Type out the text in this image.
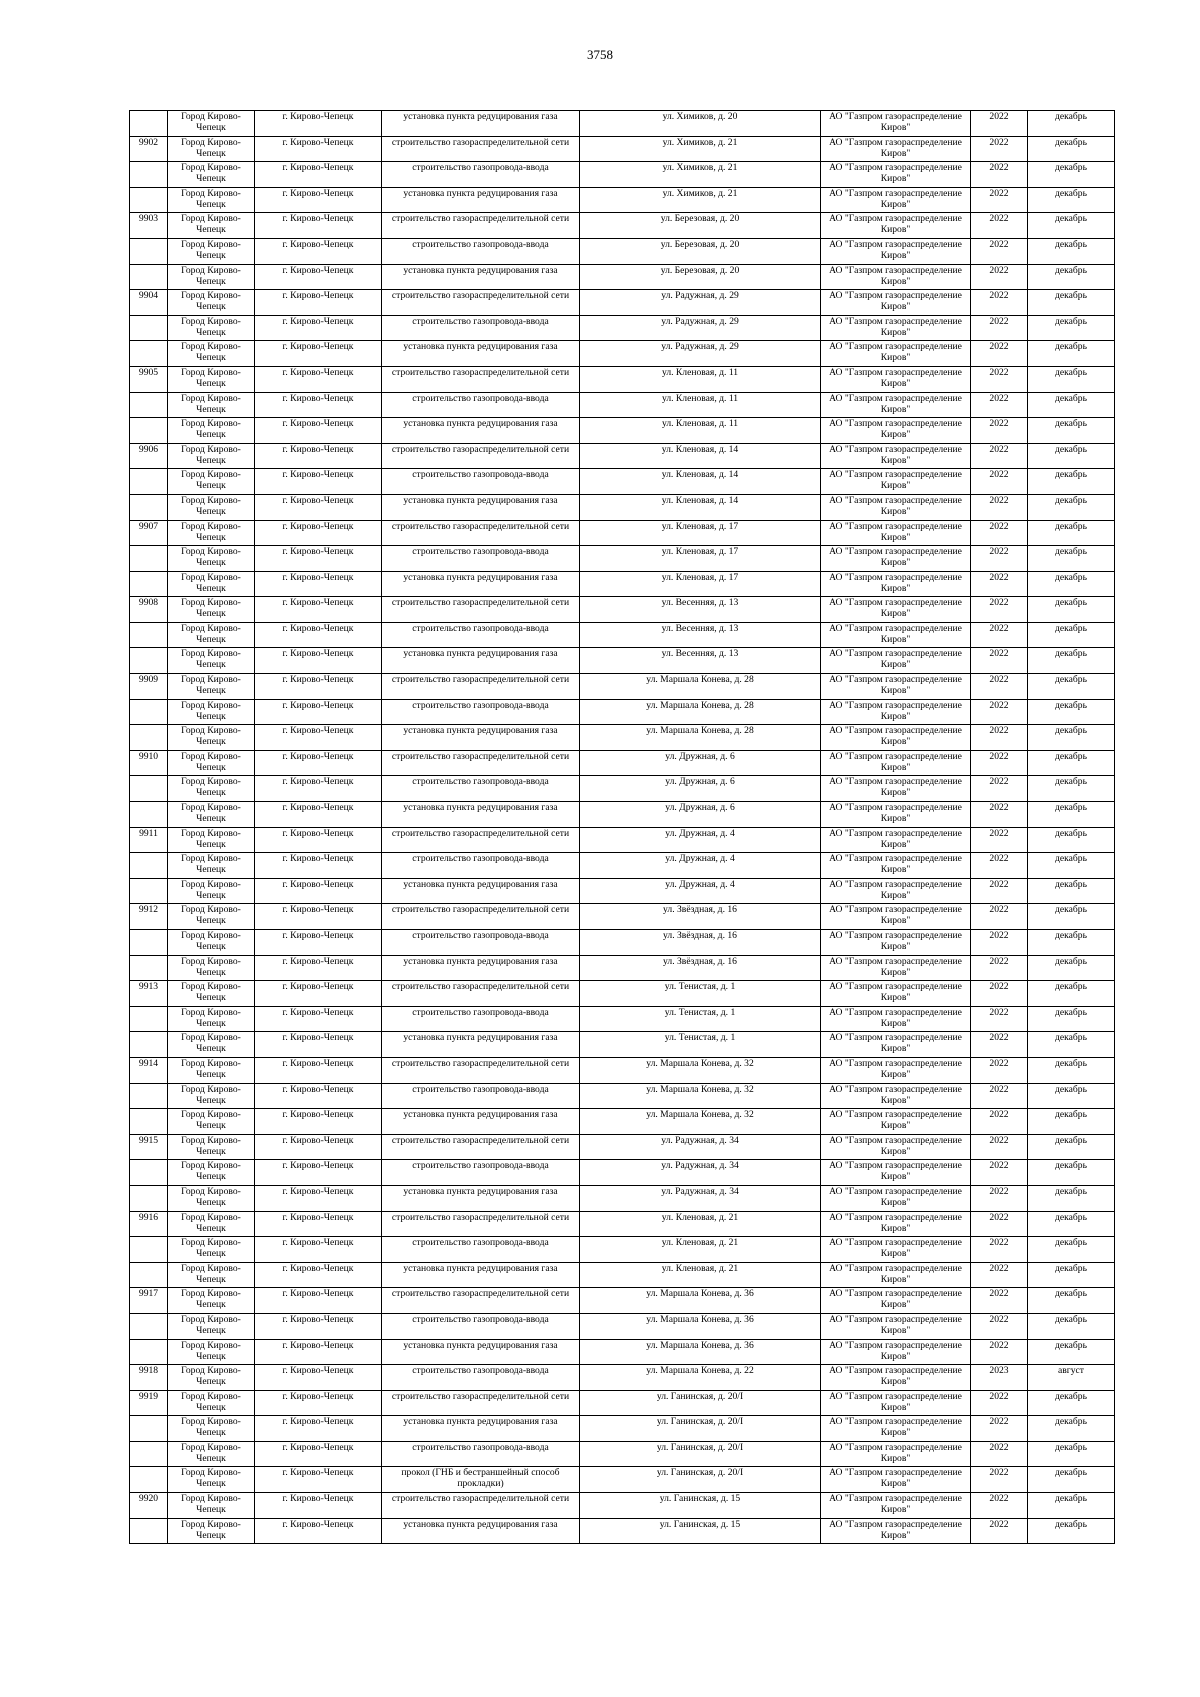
3758
	Город Кирово-Чепецк	г. Кирово-Чепецк	установка пункта редуцирования газа	ул. Химиков, д. 20	АО "Газпром газораспределение Киров"	2022	декабрь
9902	Город Кирово-Чепецк	г. Кирово-Чепецк	строительство газораспределительной сети	ул. Химиков, д. 21	АО "Газпром газораспределение Киров"	2022	декабрь
	Город Кирово-Чепецк	г. Кирово-Чепецк	строительство газопровода-ввода	ул. Химиков, д. 21	АО "Газпром газораспределение Киров"	2022	декабрь
	Город Кирово-Чепецк	г. Кирово-Чепецк	установка пункта редуцирования газа	ул. Химиков, д. 21	АО "Газпром газораспределение Киров"	2022	декабрь
9903	Город Кирово-Чепецк	г. Кирово-Чепецк	строительство газораспределительной сети	ул. Березовая, д. 20	АО "Газпром газораспределение Киров"	2022	декабрь
	Город Кирово-Чепецк	г. Кирово-Чепецк	строительство газопровода-ввода	ул. Березовая, д. 20	АО "Газпром газораспределение Киров"	2022	декабрь
	Город Кирово-Чепецк	г. Кирово-Чепецк	установка пункта редуцирования газа	ул. Березовая, д. 20	АО "Газпром газораспределение Киров"	2022	декабрь
9904	Город Кирово-Чепецк	г. Кирово-Чепецк	строительство газораспределительной сети	ул. Радужная, д. 29	АО "Газпром газораспределение Киров"	2022	декабрь
	Город Кирово-Чепецк	г. Кирово-Чепецк	строительство газопровода-ввода	ул. Радужная, д. 29	АО "Газпром газораспределение Киров"	2022	декабрь
	Город Кирово-Чепецк	г. Кирово-Чепецк	установка пункта редуцирования газа	ул. Радужная, д. 29	АО "Газпром газораспределение Киров"	2022	декабрь
9905	Город Кирово-Чепецк	г. Кирово-Чепецк	строительство газораспределительной сети	ул. Кленовая, д. 11	АО "Газпром газораспределение Киров"	2022	декабрь
	Город Кирово-Чепецк	г. Кирово-Чепецк	строительство газопровода-ввода	ул. Кленовая, д. 11	АО "Газпром газораспределение Киров"	2022	декабрь
	Город Кирово-Чепецк	г. Кирово-Чепецк	установка пункта редуцирования газа	ул. Кленовая, д. 11	АО "Газпром газораспределение Киров"	2022	декабрь
9906	Город Кирово-Чепецк	г. Кирово-Чепецк	строительство газораспределительной сети	ул. Кленовая, д. 14	АО "Газпром газораспределение Киров"	2022	декабрь
	Город Кирово-Чепецк	г. Кирово-Чепецк	строительство газопровода-ввода	ул. Кленовая, д. 14	АО "Газпром газораспределение Киров"	2022	декабрь
	Город Кирово-Чепецк	г. Кирово-Чепецк	установка пункта редуцирования газа	ул. Кленовая, д. 14	АО "Газпром газораспределение Киров"	2022	декабрь
9907	Город Кирово-Чепецк	г. Кирово-Чепецк	строительство газораспределительной сети	ул. Кленовая, д. 17	АО "Газпром газораспределение Киров"	2022	декабрь
	Город Кирово-Чепецк	г. Кирово-Чепецк	строительство газопровода-ввода	ул. Кленовая, д. 17	АО "Газпром газораспределение Киров"	2022	декабрь
	Город Кирово-Чепецк	г. Кирово-Чепецк	установка пункта редуцирования газа	ул. Кленовая, д. 17	АО "Газпром газораспределение Киров"	2022	декабрь
9908	Город Кирово-Чепецк	г. Кирово-Чепецк	строительство газораспределительной сети	ул. Весенняя, д. 13	АО "Газпром газораспределение Киров"	2022	декабрь
	Город Кирово-Чепецк	г. Кирово-Чепецк	строительство газопровода-ввода	ул. Весенняя, д. 13	АО "Газпром газораспределение Киров"	2022	декабрь
	Город Кирово-Чепецк	г. Кирово-Чепецк	установка пункта редуцирования газа	ул. Весенняя, д. 13	АО "Газпром газораспределение Киров"	2022	декабрь
9909	Город Кирово-Чепецк	г. Кирово-Чепецк	строительство газораспределительной сети	ул. Маршала Конева, д. 28	АО "Газпром газораспределение Киров"	2022	декабрь
	Город Кирово-Чепецк	г. Кирово-Чепецк	строительство газопровода-ввода	ул. Маршала Конева, д. 28	АО "Газпром газораспределение Киров"	2022	декабрь
	Город Кирово-Чепецк	г. Кирово-Чепецк	установка пункта редуцирования газа	ул. Маршала Конева, д. 28	АО "Газпром газораспределение Киров"	2022	декабрь
9910	Город Кирово-Чепецк	г. Кирово-Чепецк	строительство газораспределительной сети	ул. Дружная, д. 6	АО "Газпром газораспределение Киров"	2022	декабрь
	Город Кирово-Чепецк	г. Кирово-Чепецк	строительство газопровода-ввода	ул. Дружная, д. 6	АО "Газпром газораспределение Киров"	2022	декабрь
	Город Кирово-Чепецк	г. Кирово-Чепецк	установка пункта редуцирования газа	ул. Дружная, д. 6	АО "Газпром газораспределение Киров"	2022	декабрь
9911	Город Кирово-Чепецк	г. Кирово-Чепецк	строительство газораспределительной сети	ул. Дружная, д. 4	АО "Газпром газораспределение Киров"	2022	декабрь
	Город Кирово-Чепецк	г. Кирово-Чепецк	строительство газопровода-ввода	ул. Дружная, д. 4	АО "Газпром газораспределение Киров"	2022	декабрь
	Город Кирово-Чепецк	г. Кирово-Чепецк	установка пункта редуцирования газа	ул. Дружная, д. 4	АО "Газпром газораспределение Киров"	2022	декабрь
9912	Город Кирово-Чепецк	г. Кирово-Чепецк	строительство газораспределительной сети	ул. Звёздная, д. 16	АО "Газпром газораспределение Киров"	2022	декабрь
	Город Кирово-Чепецк	г. Кирово-Чепецк	строительство газопровода-ввода	ул. Звёздная, д. 16	АО "Газпром газораспределение Киров"	2022	декабрь
	Город Кирово-Чепецк	г. Кирово-Чепецк	установка пункта редуцирования газа	ул. Звёздная, д. 16	АО "Газпром газораспределение Киров"	2022	декабрь
9913	Город Кирово-Чепецк	г. Кирово-Чепецк	строительство газораспределительной сети	ул. Тенистая, д. 1	АО "Газпром газораспределение Киров"	2022	декабрь
	Город Кирово-Чепецк	г. Кирово-Чепецк	строительство газопровода-ввода	ул. Тенистая, д. 1	АО "Газпром газораспределение Киров"	2022	декабрь
	Город Кирово-Чепецк	г. Кирово-Чепецк	установка пункта редуцирования газа	ул. Тенистая, д. 1	АО "Газпром газораспределение Киров"	2022	декабрь
9914	Город Кирово-Чепецк	г. Кирово-Чепецк	строительство газораспределительной сети	ул. Маршала Конева, д. 32	АО "Газпром газораспределение Киров"	2022	декабрь
	Город Кирово-Чепецк	г. Кирово-Чепецк	строительство газопровода-ввода	ул. Маршала Конева, д. 32	АО "Газпром газораспределение Киров"	2022	декабрь
	Город Кирово-Чепецк	г. Кирово-Чепецк	установка пункта редуцирования газа	ул. Маршала Конева, д. 32	АО "Газпром газораспределение Киров"	2022	декабрь
9915	Город Кирово-Чепецк	г. Кирово-Чепецк	строительство газораспределительной сети	ул. Радужная, д. 34	АО "Газпром газораспределение Киров"	2022	декабрь
	Город Кирово-Чепецк	г. Кирово-Чепецк	строительство газопровода-ввода	ул. Радужная, д. 34	АО "Газпром газораспределение Киров"	2022	декабрь
	Город Кирово-Чепецк	г. Кирово-Чепецк	установка пункта редуцирования газа	ул. Радужная, д. 34	АО "Газпром газораспределение Киров"	2022	декабрь
9916	Город Кирово-Чепецк	г. Кирово-Чепецк	строительство газораспределительной сети	ул. Кленовая, д. 21	АО "Газпром газораспределение Киров"	2022	декабрь
	Город Кирово-Чепецк	г. Кирово-Чепецк	строительство газопровода-ввода	ул. Кленовая, д. 21	АО "Газпром газораспределение Киров"	2022	декабрь
	Город Кирово-Чепецк	г. Кирово-Чепецк	установка пункта редуцирования газа	ул. Кленовая, д. 21	АО "Газпром газораспределение Киров"	2022	декабрь
9917	Город Кирово-Чепецк	г. Кирово-Чепецк	строительство газораспределительной сети	ул. Маршала Конева, д. 36	АО "Газпром газораспределение Киров"	2022	декабрь
	Город Кирово-Чепецк	г. Кирово-Чепецк	строительство газопровода-ввода	ул. Маршала Конева, д. 36	АО "Газпром газораспределение Киров"	2022	декабрь
	Город Кирово-Чепецк	г. Кирово-Чепецк	установка пункта редуцирования газа	ул. Маршала Конева, д. 36	АО "Газпром газораспределение Киров"	2022	декабрь
9918	Город Кирово-Чепецк	г. Кирово-Чепецк	строительство газопровода-ввода	ул. Маршала Конева, д. 22	АО "Газпром газораспределение Киров"	2023	август
9919	Город Кирово-Чепецк	г. Кирово-Чепецк	строительство газораспределительной сети	ул. Ганинская, д. 20/I	АО "Газпром газораспределение Киров"	2022	декабрь
	Город Кирово-Чепецк	г. Кирово-Чепецк	установка пункта редуцирования газа	ул. Ганинская, д. 20/I	АО "Газпром газораспределение Киров"	2022	декабрь
	Город Кирово-Чепецк	г. Кирово-Чепецк	строительство газопровода-ввода	ул. Ганинская, д. 20/I	АО "Газпром газораспределение Киров"	2022	декабрь
	Город Кирово-Чепецк	г. Кирово-Чепецк	прокол (ГНБ и бестраншейный способ прокладки)	ул. Ганинская, д. 20/I	АО "Газпром газораспределение Киров"	2022	декабрь
9920	Город Кирово-Чепецк	г. Кирово-Чепецк	строительство газораспределительной сети	ул. Ганинская, д. 15	АО "Газпром газораспределение Киров"	2022	декабрь
	Город Кирово-Чепецк	г. Кирово-Чепецк	установка пункта редуцирования газа	ул. Ганинская, д. 15	АО "Газпром газораспределение Киров"	2022	декабрь
